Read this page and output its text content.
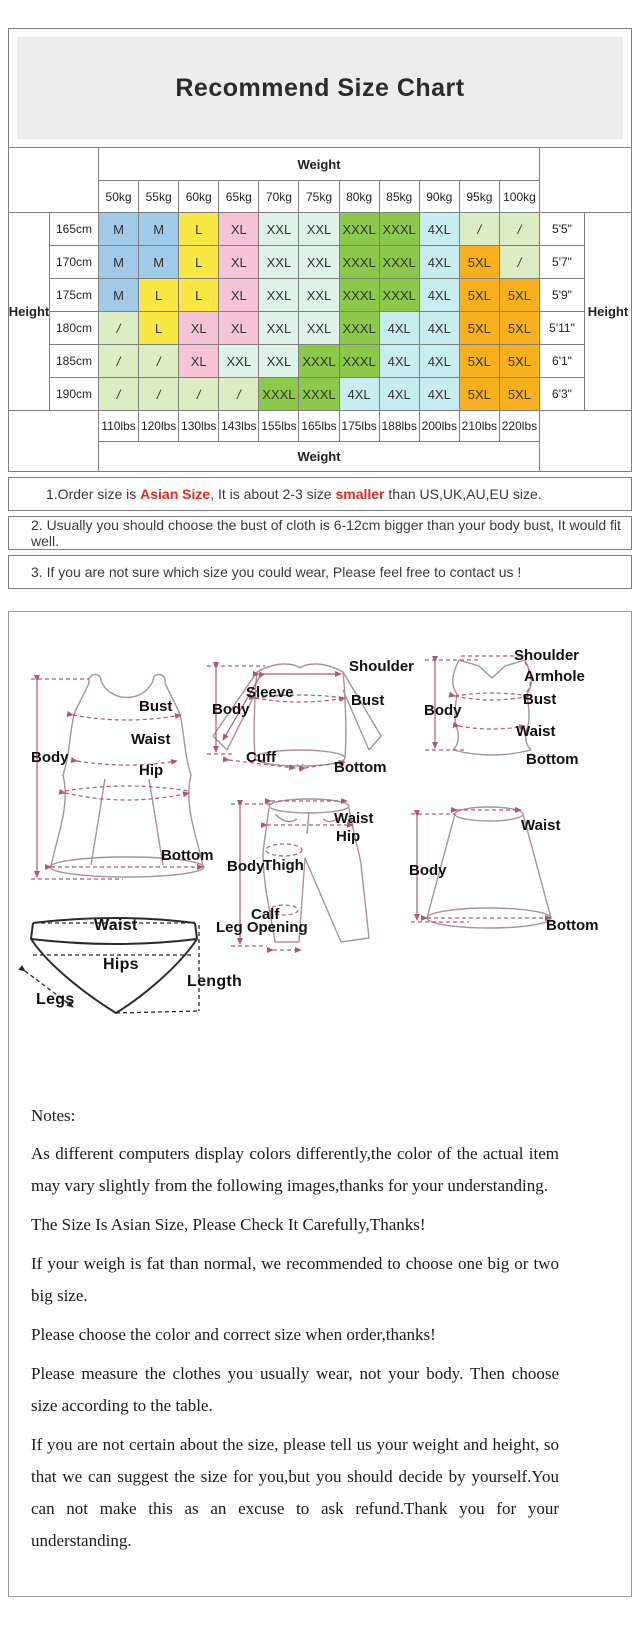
Recommend Size Chart
Weight
50kg	55kg	60kg	65kg	70kg	75kg	80kg	85kg	90kg	95kg 100kg
Height
165cm	M	M	L	XL	XXL	XXL XXXL XXXL 4XL	/	/	5'5"
170cm	M	M	L	XL	XXL	XXL XXXL XXXL 4XL	5XL	/	5'7"
175cm	M	L	L	XL	XXL	XXL XXXL XXXL 4XL	5XL	5XL	5'9"
180cm	/	L	XL	XL	XXL	XXL XXXL 4XL	4XL	5XL	5XL	5'11"
185cm	/	/	XL	XXL	XXL XXXL XXXL 4XL	4XL	5XL	5XL	6'1"
190cm	/	/	/	/	XXXL XXXL 4XL	4XL	4XL	5XL	5XL	6'3"
Height
110lbs 120lbs 130lbs 143lbs 155lbs 165lbs 175lbs 188lbs 200lbs 210lbs 220lbs
Weight
1.Order size is Asian Size, It is about 2-3 size smaller than US,UK,AU,EU size.
2. Usually you should choose the bust of cloth is 6-12cm bigger than your body bust, It would fit well.
3. If you are not sure which size you could wear, Please feel free to contact us !
Body
Bust
Waist
Hip
Bottom
Shoulder
Sleeve
Body
Bust
Cuff
Bottom
Shoulder
Armhole
Bust
Body
Waist
Bottom
Waist
Hip
Body
Thigh
Calf
Leg Opening
Waist
Body
Bottom
Waist
Hips
Legs
Length

Notes:

As different computers display colors differently,the color of the actual item may vary slightly from the following images,thanks for your understanding.

The Size Is Asian Size, Please Check It Carefully,Thanks!

If your weigh is fat than normal, we recommended to choose one big or two big size.

Please choose the color and correct size when order,thanks!

Please measure the clothes you usually wear, not your body. Then choose size according to the table.

If you are not certain about the size, please tell us your weight and height, so that we can suggest the size for you,but you should decide by yourself.You can not make this as an excuse to ask refund.Thank you for your understanding.
